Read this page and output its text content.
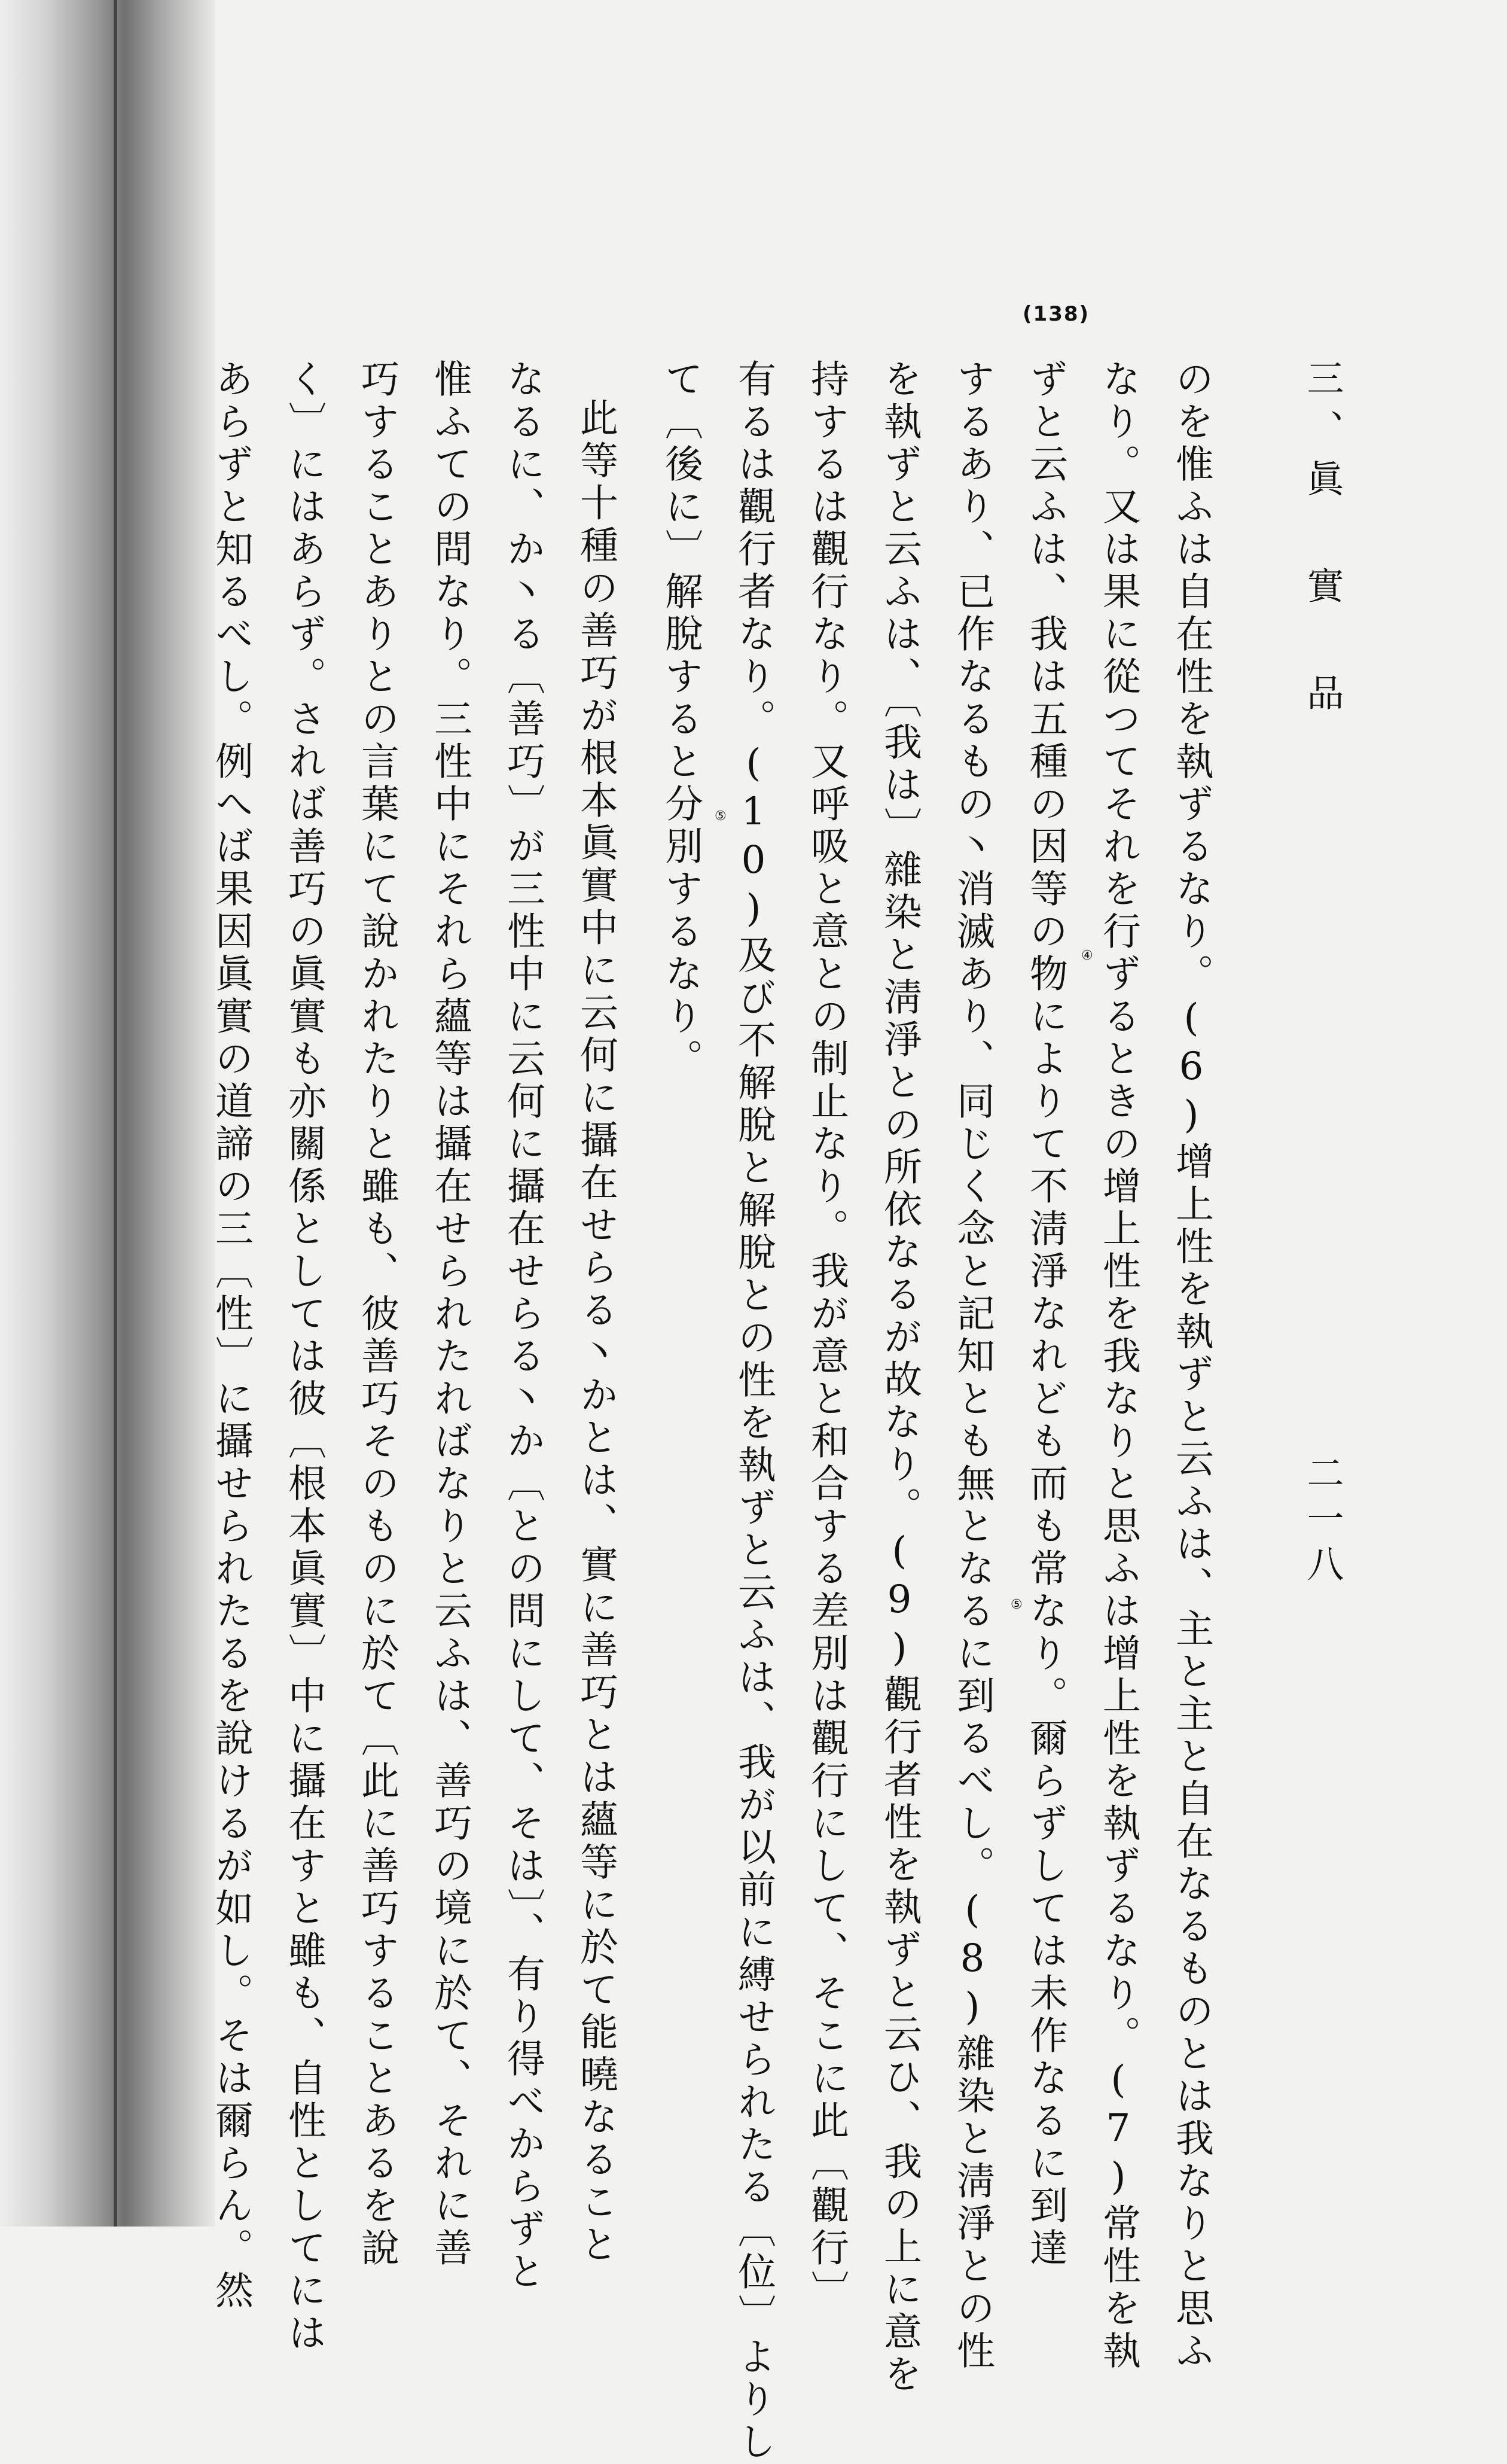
(138)
三、眞 實 品
二一八
のを惟ふは自在性を執ずるなり。(6)增上性を執ずと云ふは、主と主と自在なるものとは我なりと思ふ
なり。又は果に從つてそれを行ずるときの增上性を我なりと思ふは增上性を執ずるなり。(7)常性を執
ずと云ふは、我は五種の因等の物によりて不淸淨なれども而も常なり。爾らずしては未作なるに到達
するあり、已作なるもの丶消滅あり、同じく念と記知とも無となるに到るべし。(8)雜染と淸淨との性
を執ずと云ふは、〔我は〕雜染と淸淨との所依なるが故なり。(9)觀行者性を執ずと云ひ、我の上に意を
持するは觀行なり。又呼吸と意との制止なり。我が意と和合する差別は觀行にして、そこに此〔觀行〕
有るは觀行者なり。(10)及び不解脫と解脫との性を執ずと云ふは、我が以前に縛せられたる〔位〕よりし
て〔後に〕解脫すると分別するなり。
此等十種の善巧が根本眞實中に云何に攝在せらる丶かとは、實に善巧とは蘊等に於て能曉なること
なるに、か丶る〔善巧〕が三性中に云何に攝在せらる丶か〔との問にして、そは〕、有り得べからずと
惟ふての問なり。三性中にそれら蘊等は攝在せられたればなりと云ふは、善巧の境に於て、それに善
巧することありとの言葉にて說かれたりと雖も、彼善巧そのものに於て〔此に善巧することあるを說
く〕にはあらず。されば善巧の眞實も亦關係としては彼〔根本眞實〕中に攝在すと雖も、自性としてには
あらずと知るべし。例へば果因眞實の道諦の三〔性〕に攝せられたるを說けるが如し。そは爾らん。然	④
⑤
⑤
